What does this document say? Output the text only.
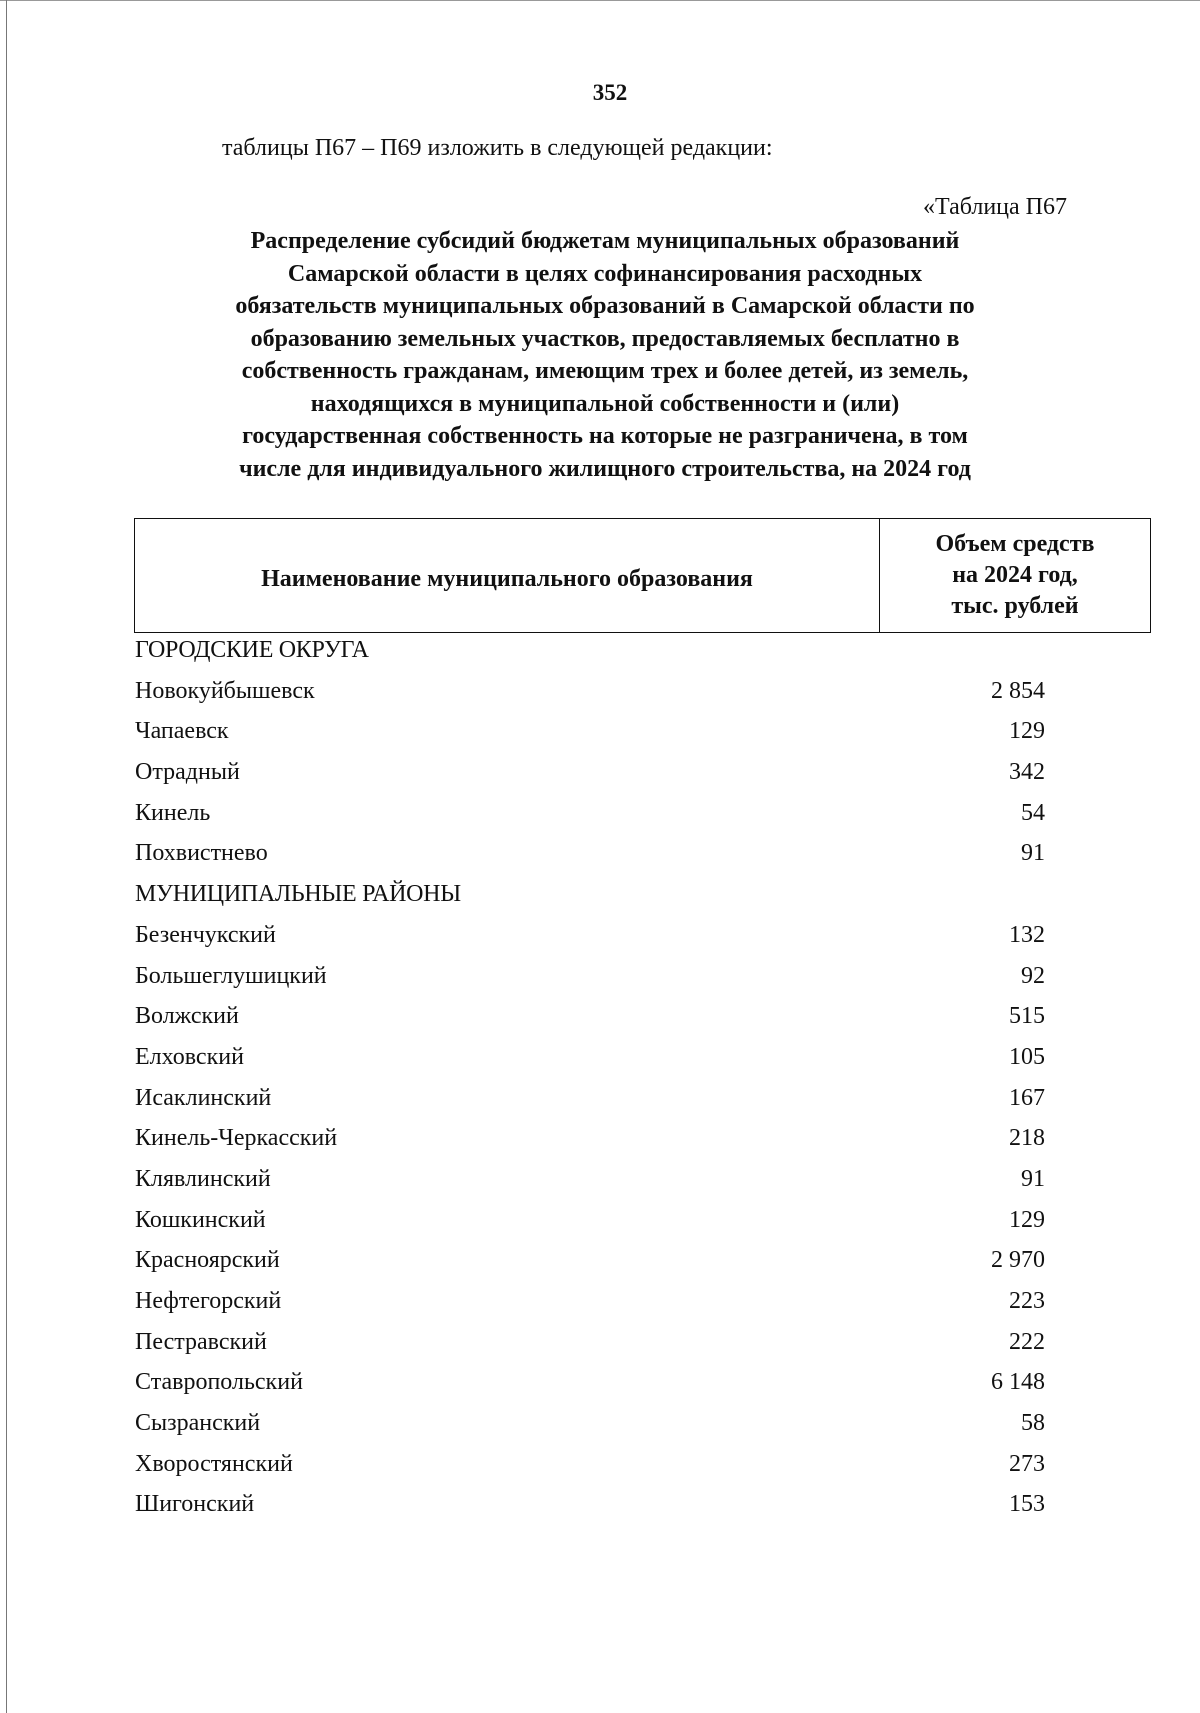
352
таблицы П67 – П69 изложить в следующей редакции:
«Таблица П67
Распределение субсидий бюджетам муниципальных образований
Самарской области в целях софинансирования расходных
обязательств муниципальных образований в Самарской области по
образованию земельных участков, предоставляемых бесплатно в
собственность гражданам, имеющим трех и более детей, из земель,
находящихся в муниципальной собственности и (или)
государственная собственность на которые не разграничена, в том
числе для индивидуального жилищного строительства, на 2024 год
Наименование муниципального образования
Объем средств
на 2024 год,
тыс. рублей
ГОРОДСКИЕ ОКРУГА
Новокуйбышевск	2 854
Чапаевск	129
Отрадный	342
Кинель	54
Похвистнево	91
МУНИЦИПАЛЬНЫЕ РАЙОНЫ
Безенчукский	132
Большеглушицкий	92
Волжский	515
Елховский	105
Исаклинский	167
Кинель-Черкасский	218
Клявлинский	91
Кошкинский	129
Красноярский	2 970
Нефтегорский	223
Пестравский	222
Ставропольский	6 148
Сызранский	58
Хворостянский	273
Шигонский	153
